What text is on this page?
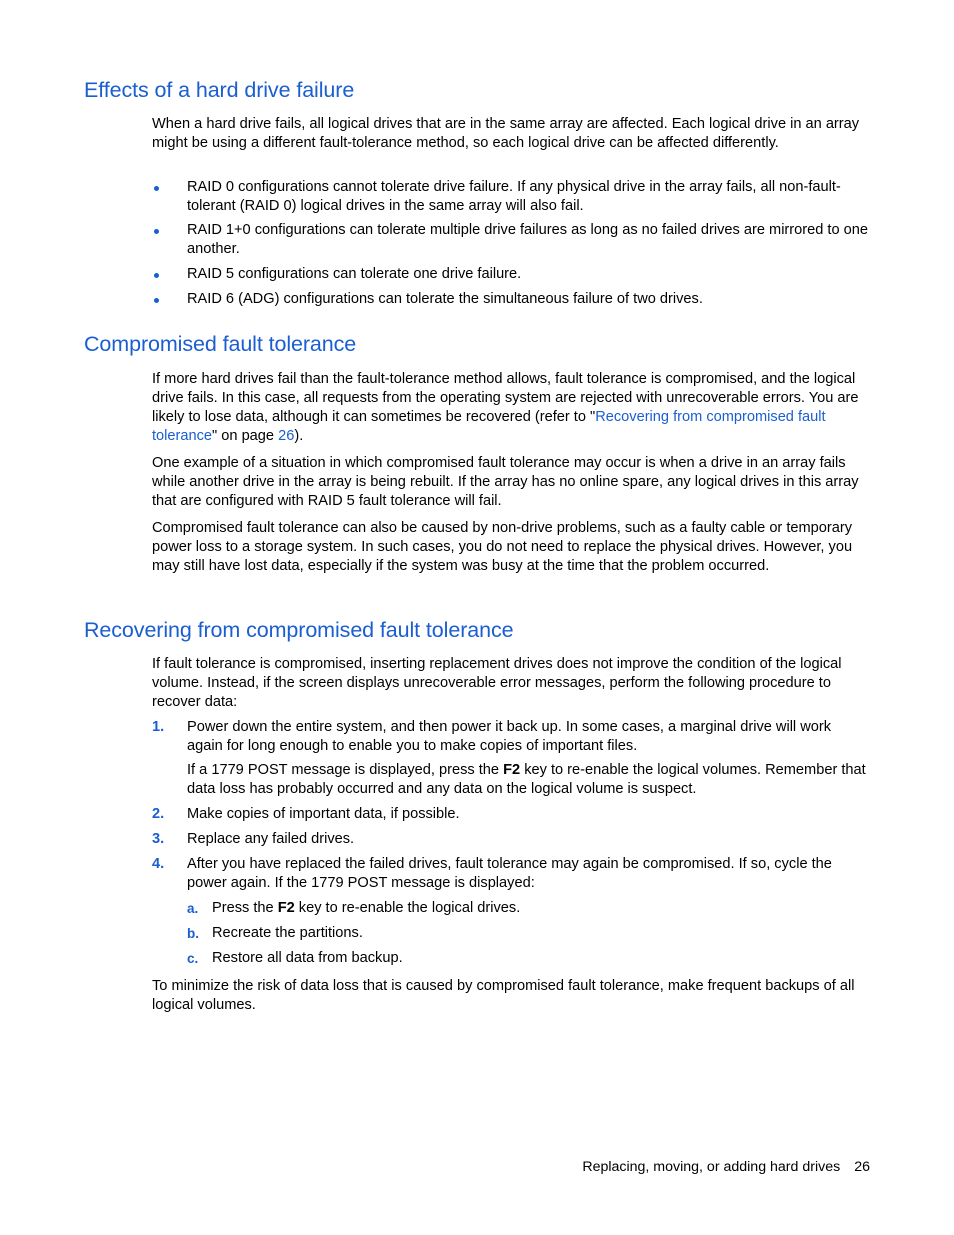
Effects of a hard drive failure

When a hard drive fails, all logical drives that are in the same array are affected. Each logical drive in an array might be using a different fault-tolerance method, so each logical drive can be affected differently.

RAID 0 configurations cannot tolerate drive failure. If any physical drive in the array fails, all non-fault-tolerant (RAID 0) logical drives in the same array will also fail.
RAID 1+0 configurations can tolerate multiple drive failures as long as no failed drives are mirrored to one another.
RAID 5 configurations can tolerate one drive failure.
RAID 6 (ADG) configurations can tolerate the simultaneous failure of two drives.
Compromised fault tolerance

If more hard drives fail than the fault-tolerance method allows, fault tolerance is compromised, and the logical drive fails. In this case, all requests from the operating system are rejected with unrecoverable errors. You are likely to lose data, although it can sometimes be recovered (refer to "Recovering from compromised fault tolerance" on page 26).

One example of a situation in which compromised fault tolerance may occur is when a drive in an array fails while another drive in the array is being rebuilt. If the array has no online spare, any logical drives in this array that are configured with RAID 5 fault tolerance will fail.

Compromised fault tolerance can also be caused by non-drive problems, such as a faulty cable or temporary power loss to a storage system. In such cases, you do not need to replace the physical drives. However, you may still have lost data, especially if the system was busy at the time that the problem occurred.

Recovering from compromised fault tolerance

If fault tolerance is compromised, inserting replacement drives does not improve the condition of the logical volume. Instead, if the screen displays unrecoverable error messages, perform the following procedure to recover data:

1. Power down the entire system, and then power it back up. In some cases, a marginal drive will work again for long enough to enable you to make copies of important files.

If a 1779 POST message is displayed, press the F2 key to re-enable the logical volumes. Remember that data loss has probably occurred and any data on the logical volume is suspect.

2. Make copies of important data, if possible.
3. Replace any failed drives.
4. After you have replaced the failed drives, fault tolerance may again be compromised. If so, cycle the power again. If the 1779 POST message is displayed:
a. Press the F2 key to re-enable the logical drives.
b. Recreate the partitions.
c. Restore all data from backup.

To minimize the risk of data loss that is caused by compromised fault tolerance, make frequent backups of all logical volumes.

Replacing, moving, or adding hard drives 26
